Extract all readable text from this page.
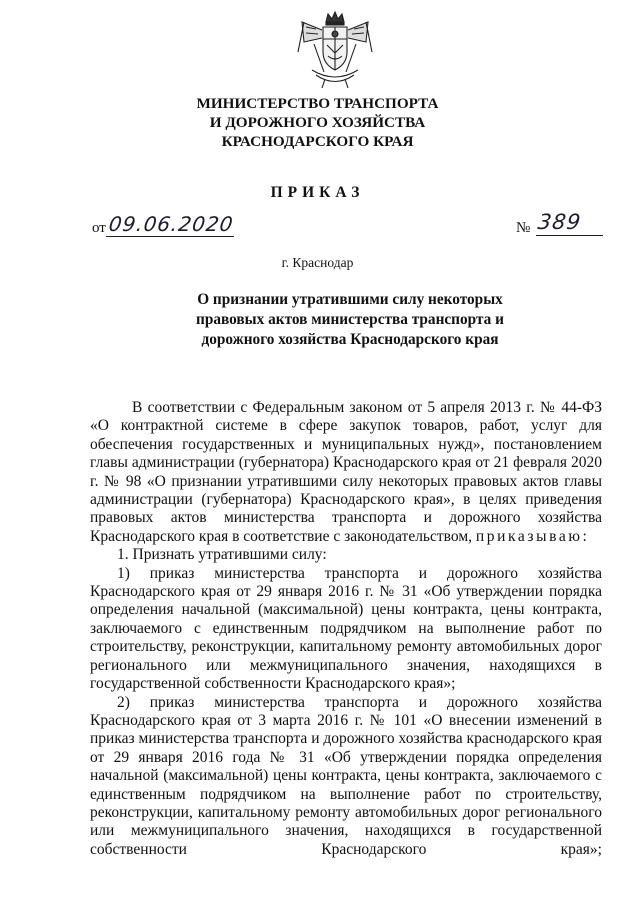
МИНИСТЕРСТВО ТРАНСПОРТА
И ДОРОЖНОГО ХОЗЯЙСТВА
КРАСНОДАРСКОГО КРАЯ
ПРИКАЗ
от 09.06.2020	№ 389
г. Краснодар
О признании утратившими силу некоторых
правовых актов министерства транспорта и
дорожного хозяйства Краснодарского края

В соответствии с Федеральным законом от 5 апреля 2013 г. № 44-ФЗ «О контрактной системе в сфере закупок товаров, работ, услуг для обеспечения государственных и муниципальных нужд», постановлением главы администрации (губернатора) Краснодарского края от 21 февраля 2020 г. № 98 «О признании утратившими силу некоторых правовых актов главы администрации (губернатора) Краснодарского края», в целях приведения правовых актов министерства транспорта и дорожного хозяйства Краснодарского края в соответствие с законодательством, приказываю:

1. Признать утратившими силу:

1) приказ министерства транспорта и дорожного хозяйства Краснодарского края от 29 января 2016 г. № 31 «Об утверждении порядка определения начальной (максимальной) цены контракта, цены контракта, заключаемого с единственным подрядчиком на выполнение работ по строительству, реконструкции, капитальному ремонту автомобильных дорог регионального или межмуниципального значения, находящихся в государственной собственности Краснодарского края»;

2) приказ министерства транспорта и дорожного хозяйства Краснодарского края от 3 марта 2016 г. № 101 «О внесении изменений в приказ министерства транспорта и дорожного хозяйства краснодарского края от 29 января 2016 года № 31 «Об утверждении порядка определения начальной (максимальной) цены контракта, цены контракта, заключаемого с единственным подрядчиком на выполнение работ по строительству, реконструкции, капитальному ремонту автомобильных дорог регионального или межмуниципального значения, находящихся в государственной собственности Краснодарского края»;
